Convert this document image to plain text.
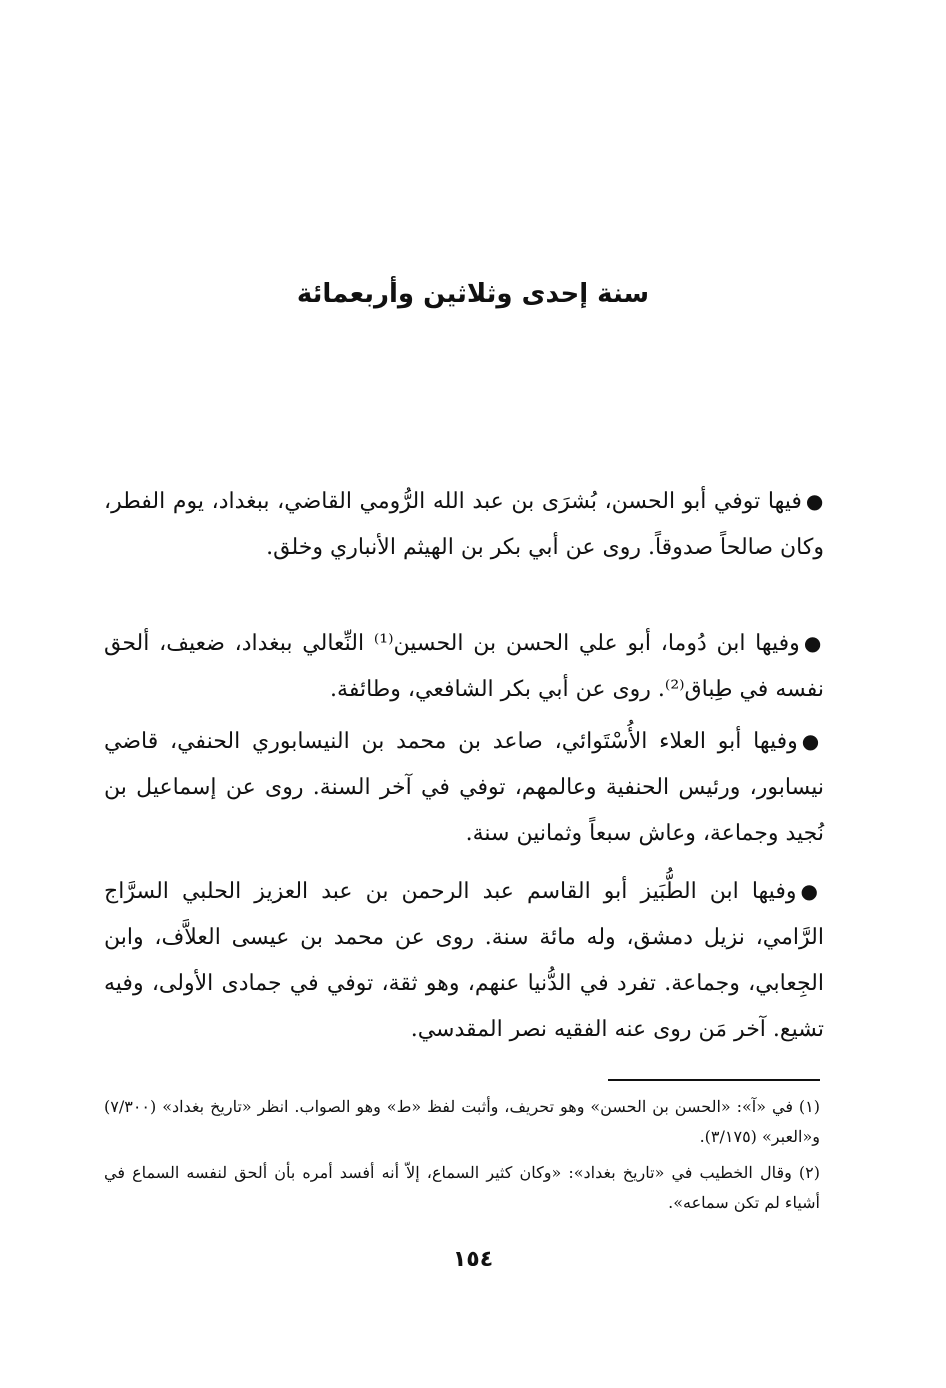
سنة إحدى وثلاثين وأربعمائة

●فيها توفي أبو الحسن، بُشرَى بن عبد الله الرُّومي القاضي، ببغداد، يوم الفطر، وكان صالحاً صدوقاً. روى عن أبي بكر بن الهيثم الأنباري وخلق.

●وفيها ابن دُوما، أبو علي الحسن بن الحسين⁽¹⁾ النِّعالي ببغداد، ضعيف، ألحق نفسه في طِباق⁽²⁾. روى عن أبي بكر الشافعي، وطائفة.

●وفيها أبو العلاء الأُسْتَوائي، صاعد بن محمد بن النيسابوري الحنفي، قاضي نيسابور، ورئيس الحنفية وعالمهم، توفي في آخر السنة. روى عن إسماعيل بن نُجيد وجماعة، وعاش سبعاً وثمانين سنة.

●وفيها ابن الطُّبَيز أبو القاسم عبد الرحمن بن عبد العزيز الحلبي السرَّاج الرَّامي، نزيل دمشق، وله مائة سنة. روى عن محمد بن عيسى العلاَّف، وابن الجِعابي، وجماعة. تفرد في الدُّنيا عنهم، وهو ثقة، توفي في جمادى الأولى، وفيه تشيع. آخر مَن روى عنه الفقيه نصر المقدسي.

(١) في «آ»: «الحسن بن الحسن» وهو تحريف، وأثبت لفظ «ط» وهو الصواب. انظر «تاريخ بغداد» (٧/٣٠٠) و«العبر» (٣/١٧٥).

(٢) وقال الخطيب في «تاريخ بغداد»: «وكان كثير السماع، إلاّ أنه أفسد أمره بأن ألحق لنفسه السماع في أشياء لم تكن سماعه».

١٥٤
